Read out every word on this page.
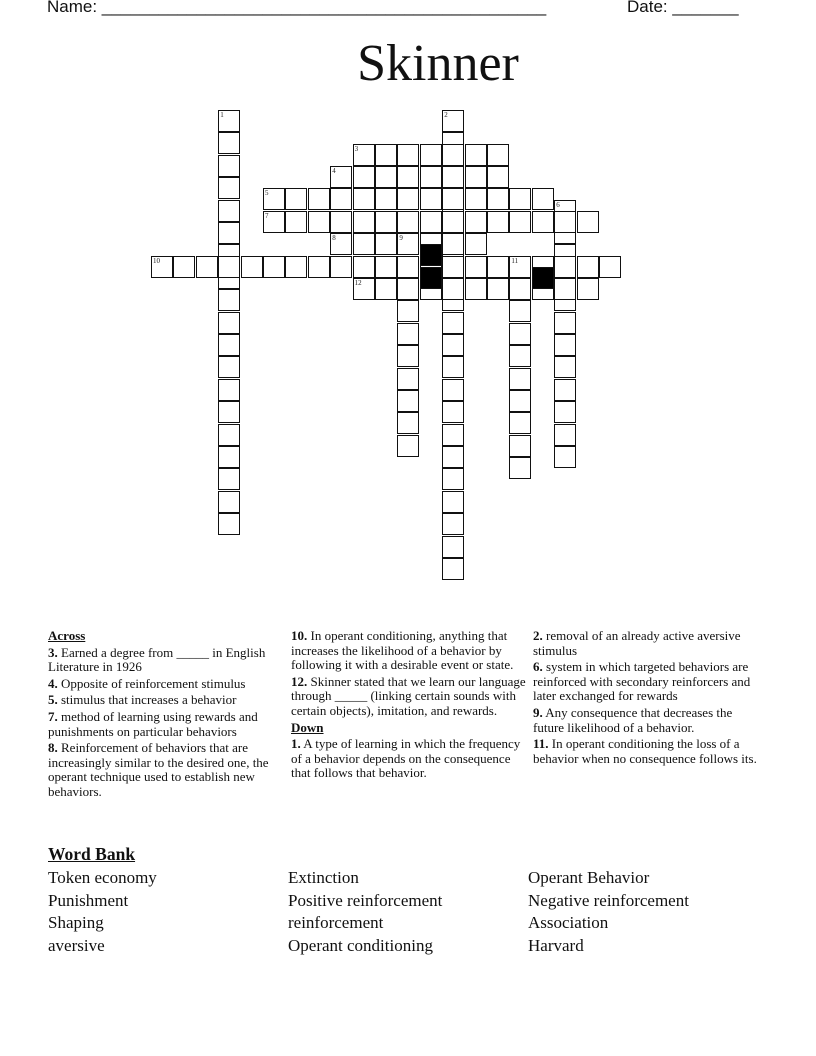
Name: _______________________________________________	Date: _______
Skinner
1	2
3
4
5
6
7
8	9
10	11
12

Across

3. Earned a degree from _____ in English Literature in 1926

4. Opposite of reinforcement stimulus

5. stimulus that increases a behavior

7. method of learning using rewards and punishments on particular behaviors

8. Reinforcement of behaviors that are increasingly similar to the desired one, the operant technique used to establish new behaviors.

10. In operant conditioning, anything that increases the likelihood of a behavior by following it with a desirable event or state.

12. Skinner stated that we learn our language through _____ (linking certain sounds with certain objects), imitation, and rewards.

Down

1. A type of learning in which the frequency of a behavior depends on the consequence that follows that behavior.

2. removal of an already active aversive stimulus

6. system in which targeted behaviors are reinforced with secondary reinforcers and later exchanged for rewards

9. Any consequence that decreases the future likelihood of a behavior.

11. In operant conditioning the loss of a behavior when no consequence follows its.

Word Bank
Token economy
Punishment
Shaping
aversive
Extinction
Positive reinforcement
reinforcement
Operant conditioning
Operant Behavior
Negative reinforcement
Association
Harvard
